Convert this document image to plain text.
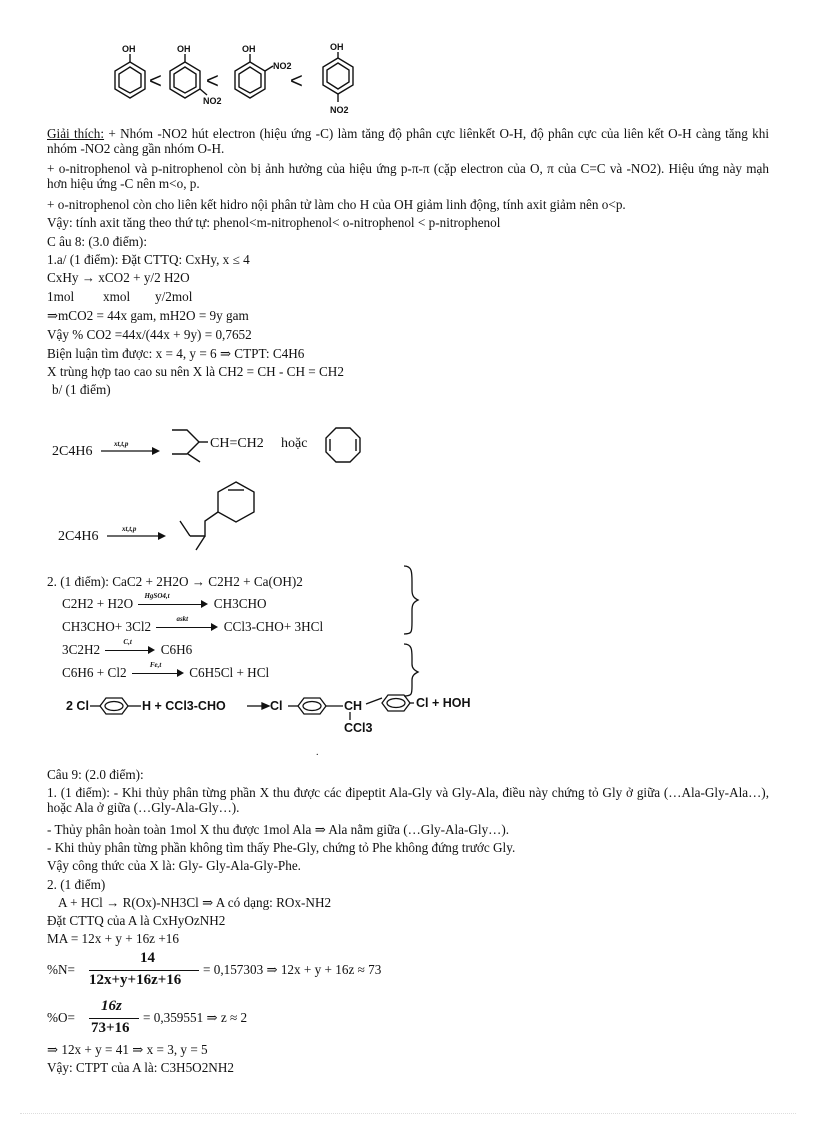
OH	OH
NO2
OH
NO2
OH
NO2
< <	<
Giải thích: + Nhóm -NO2 hút electron (hiệu ứng -C) làm tăng độ phân cực liênkết O-H, độ phân cực của liên kết O-H càng tăng khi nhóm -NO2 càng gần nhóm O-H.
+ o-nitrophenol và p-nitrophenol còn bị ảnh hưởng của hiệu ứng p-π-π (cặp electron của O, π của C=C và -NO2). Hiệu ứng này mạh hơn hiệu ứng -C nên m<o, p.
+ o-nitrophenol còn cho liên kết hidro nội phân tử làm cho H của OH giảm linh động, tính axit giảm nên o<p.
Vậy: tính axit tăng theo thứ tự: phenol<m-nitrophenol< o-nitrophenol < p-nitrophenol
C âu 8: (3.0 điểm):
1.a/ (1 điểm): Đặt CTTQ: CxHy, x ≤ 4
CxHy → xCO2 + y/2 H2O
1mol xmol y/2mol
⇒mCO2 = 44x gam, mH2O = 9y gam
Vậy % CO2 =44x/(44x + 9y) = 0,7652
Biện luận tìm được: x = 4, y = 6 ⇒ CTPT: C4H6
X trùng hợp tao cao su nên X là CH2 = CH - CH = CH2
b/ (1 điểm)
2C4H6	xt,t,p	CH=CH2 hoặc
2C4H6	xt,t,p
2. (1 điểm): CaC2 + 2H2O → C2H2 + Ca(OH)2
C2H2 + H2O HgSO4,t	CH3CHO
CH3CHO+ 3Cl2	askt	CCl3-CHO+ 3HCl
3C2H2	C,t C6H6
C6H6 + Cl2	Fe,t C6H5Cl + HCl
2 Cl	H + CCl3-CHO	Cl	CH
CCl3
Cl + HOH
.
Câu 9: (2.0 điểm):
1. (1 điểm): - Khi thủy phân từng phần X thu được các đipeptit Ala-Gly và Gly-Ala, điều này chứng tỏ Gly ở giữa (…Ala-Gly-Ala…), hoặc Ala ở giữa (…Gly-Ala-Gly…).
- Thủy phân hoàn toàn 1mol X thu được 1mol Ala ⇒ Ala nằm giữa (…Gly-Ala-Gly…).
- Khi thủy phân từng phần không tìm thấy Phe-Gly, chứng tỏ Phe không đứng trước Gly.
Vậy công thức của X là: Gly- Gly-Ala-Gly-Phe.
2. (1 điểm)
A + HCl → R(Ox)-NH3Cl ⇒ A có dạng: ROx-NH2
Đặt CTTQ của A là CxHyOzNH2
MA = 12x + y + 16z +16
%N=
14
12x+y+16z+16
= 0,157303 ⇒ 12x + y + 16z ≈ 73
%O=
16z
73+16
= 0,359551 ⇒ z ≈ 2
⇒ 12x + y = 41 ⇒ x = 3, y = 5
Vậy: CTPT của A là: C3H5O2NH2
